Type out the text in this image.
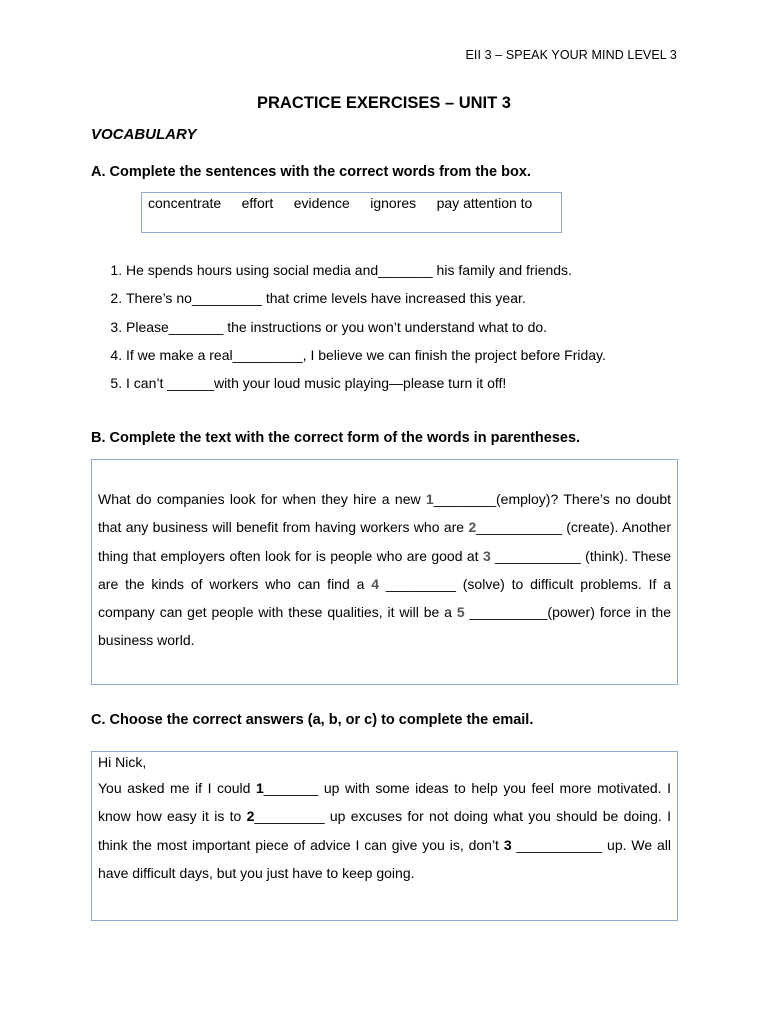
EII 3 – SPEAK YOUR MIND LEVEL 3
PRACTICE EXERCISES – UNIT 3
VOCABULARY
A. Complete the sentences with the correct words from the box.
concentrate effort evidence ignores pay attention to
1. He spends hours using social media and_______ his family and friends.
2. There’s no_________ that crime levels have increased this year.
3. Please_______ the instructions or you won’t understand what to do.
4. If we make a real_________, I believe we can finish the project before Friday.
5. I can’t ______with your loud music playing—please turn it off!
B. Complete the text with the correct form of the words in parentheses.

What do companies look for when they hire a new 1________(employ)? There’s no doubt that any business will benefit from having workers who are 2___________ (create). Another thing that employers often look for is people who are good at 3 ___________ (think). These are the kinds of workers who can find a 4 _________ (solve) to difficult problems. If a company can get people with these qualities, it will be a 5 __________(power) force in the business world.

C. Choose the correct answers (a, b, or c) to complete the email.
Hi Nick,

You asked me if I could 1_______ up with some ideas to help you feel more motivated. I know how easy it is to 2_________ up excuses for not doing what you should be doing. I think the most important piece of advice I can give you is, don’t 3 ___________ up. We all have difficult days, but you just have to keep going.
